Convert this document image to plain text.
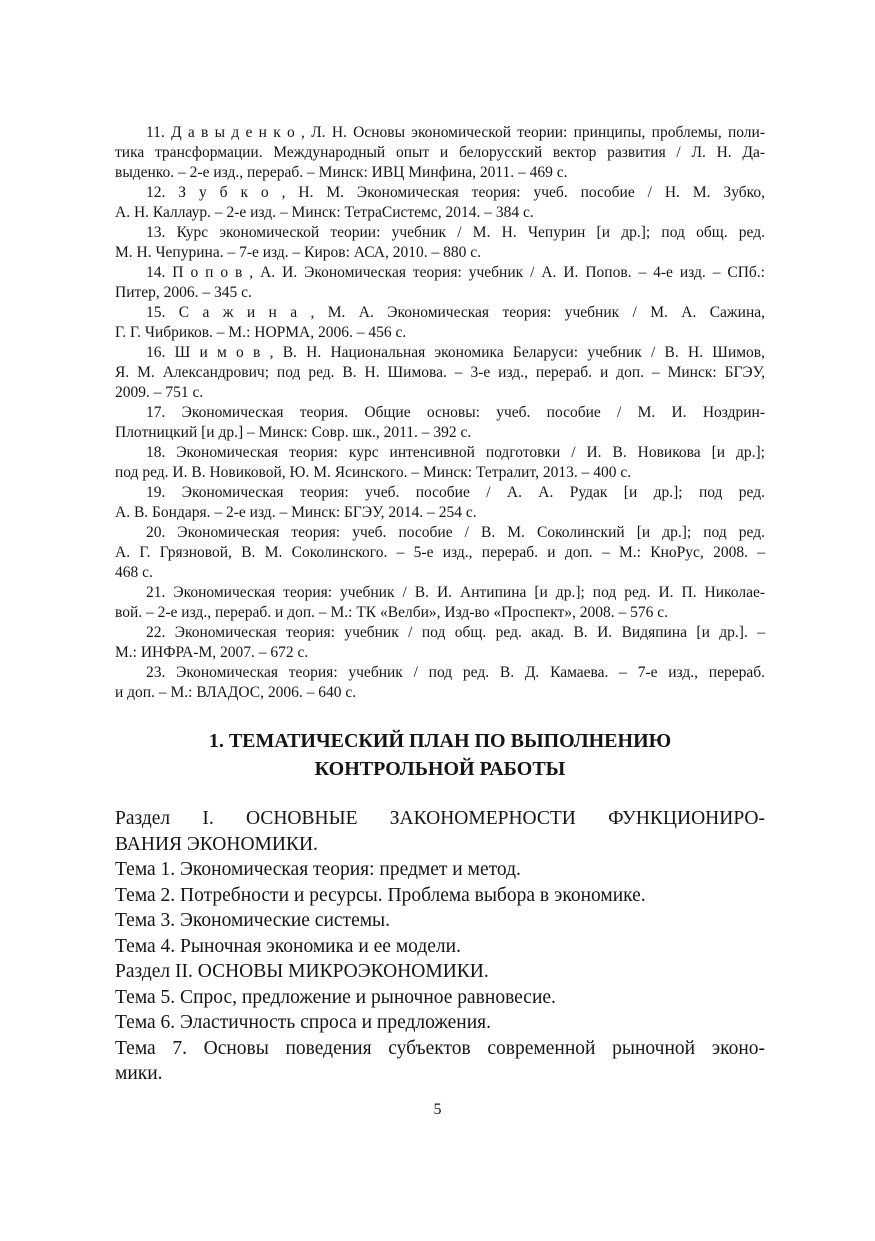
11. Д а в ы д е н к о , Л. Н. Основы экономической теории: принципы, проблемы, поли-
тика трансформации. Международный опыт и белорусский вектор развития / Л. Н. Да-
выденко. – 2-е изд., перераб. – Минск: ИВЦ Минфина, 2011. – 469 с.
12. З у б к о , Н. М. Экономическая теория: учеб. пособие / Н. М. Зубко,
А. Н. Каллаур. – 2-е изд. – Минск: ТетраСистемс, 2014. – 384 с.
13. Курс экономической теории: учебник / М. Н. Чепурин [и др.]; под общ. ред.
М. Н. Чепурина. – 7-е изд. – Киров: АСА, 2010. – 880 с.
14. П о п о в , А. И. Экономическая теория: учебник / А. И. Попов. – 4-е изд. – СПб.:
Питер, 2006. – 345 с.
15. С а ж и н а , М. А. Экономическая теория: учебник / М. А. Сажина,
Г. Г. Чибриков. – М.: НОРМА, 2006. – 456 с.
16. Ш и м о в , В. Н. Национальная экономика Беларуси: учебник / В. Н. Шимов,
Я. М. Александрович; под ред. В. Н. Шимова. – 3-е изд., перераб. и доп. – Минск: БГЭУ,
2009. – 751 с.
17. Экономическая теория. Общие основы: учеб. пособие / М. И. Ноздрин-
Плотницкий [и др.] – Минск: Совр. шк., 2011. – 392 с.
18. Экономическая теория: курс интенсивной подготовки / И. В. Новикова [и др.];
под ред. И. В. Новиковой, Ю. М. Ясинского. – Минск: Тетралит, 2013. – 400 с.
19. Экономическая теория: учеб. пособие / А. А. Рудак [и др.]; под ред.
А. В. Бондаря. – 2-е изд. – Минск: БГЭУ, 2014. – 254 с.
20. Экономическая теория: учеб. пособие / В. М. Соколинский [и др.]; под ред.
А. Г. Грязновой, В. М. Соколинского. – 5-е изд., перераб. и доп. – М.: КноРус, 2008. –
468 с.
21. Экономическая теория: учебник / В. И. Антипина [и др.]; под ред. И. П. Николае-
вой. – 2-е изд., перераб. и доп. – М.: ТК «Велби», Изд-во «Проспект», 2008. – 576 с.
22. Экономическая теория: учебник / под общ. ред. акад. В. И. Видяпина [и др.]. –
М.: ИНФРА-М, 2007. – 672 с.
23. Экономическая теория: учебник / под ред. В. Д. Камаева. – 7-е изд., перераб.
и доп. – М.: ВЛАДОС, 2006. – 640 с.
1. ТЕМАТИЧЕСКИЙ ПЛАН ПО ВЫПОЛНЕНИЮ
КОНТРОЛЬНОЙ РАБОТЫ
Раздел I. ОСНОВНЫЕ ЗАКОНОМЕРНОСТИ ФУНКЦИОНИРО-
ВАНИЯ ЭКОНОМИКИ.
Тема 1. Экономическая теория: предмет и метод.
Тема 2. Потребности и ресурсы. Проблема выбора в экономике.
Тема 3. Экономические системы.
Тема 4. Рыночная экономика и ее модели.
Раздел II. ОСНОВЫ МИКРОЭКОНОМИКИ.
Тема 5. Спрос, предложение и рыночное равновесие.
Тема 6. Эластичность спроса и предложения.
Тема 7. Основы поведения субъектов современной рыночной эконо-
мики.
5
